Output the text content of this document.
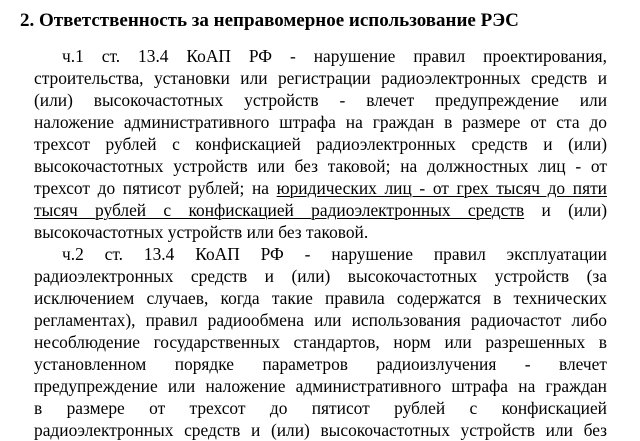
2. Ответственность за неправомерное использование РЭС
ч.1 ст. 13.4 КоАП РФ - нарушение правил проектирования,
строительства, установки или регистрации радиоэлектронных средств и
(или) высокочастотных устройств - влечет предупреждение или
наложение административного штрафа на граждан в размере от ста до
трехсот рублей с конфискацией радиоэлектронных средств и (или)
высокочастотных устройств или без таковой; на должностных лиц - от
трехсот до пятисот рублей; на юридических лиц - от грех тысяч до пяти
тысяч рублей с конфискацией радиоэлектронных средств и (или)
высокочастотных устройств или без таковой.
ч.2 ст. 13.4 КоАП РФ - нарушение правил эксплуатации
радиоэлектронных средств и (или) высокочастотных устройств (за
исключением случаев, когда такие правила содержатся в технических
регламентах), правил радиообмена или использования радиочастот либо
несоблюдение государственных стандартов, норм или разрешенных в
установленном порядке параметров радиоизлучения - влечет
предупреждение или наложение административного штрафа на граждан
в размере от трехсот до пятисот рублей с конфискацией
радиоэлектронных средств и (или) высокочастотных устройств или без
